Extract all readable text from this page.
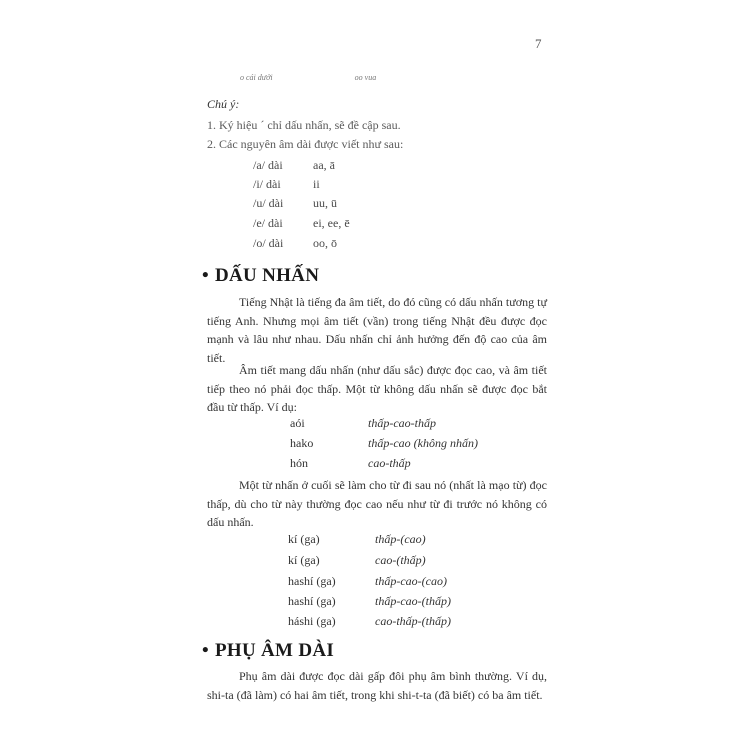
7
o cái dưới	oo vua
Chú ý:
1. Ký hiệu ´ chỉ dấu nhấn, sẽ đề cập sau.
2. Các nguyên âm dài được viết như sau:
/a/ dài	aa, ā
/i/ dài	ii
/u/ dài uu, ū
/e/ dài	ei, ee, ē
/o/ dài oo, ō
• DẤU NHẤN
Tiếng Nhật là tiếng đa âm tiết, do đó cũng có dấu nhấn tương tự tiếng Anh. Nhưng mọi âm tiết (vần) trong tiếng Nhật đều được đọc mạnh và lâu như nhau. Dấu nhấn chỉ ảnh hưởng đến độ cao của âm tiết.
Âm tiết mang dấu nhấn (như dấu sắc) được đọc cao, và âm tiết tiếp theo nó phải đọc thấp. Một từ không dấu nhấn sẽ được đọc bắt đầu từ thấp. Ví dụ:
aói	thấp-cao-thấp
hako	thấp-cao (không nhấn)
hón	cao-thấp
Một từ nhấn ở cuối sẽ làm cho từ đi sau nó (nhất là mạo từ) đọc thấp, dù cho từ này thường đọc cao nếu như từ đi trước nó không có dấu nhấn.
kí (ga)	thấp-(cao)
kí (ga)	cao-(thấp)
hashí (ga)	thấp-cao-(cao)
hashí (ga)	thấp-cao-(thấp)
háshi (ga)	cao-thấp-(thấp)
• PHỤ ÂM DÀI
Phụ âm dài được đọc dài gấp đôi phụ âm bình thường. Ví dụ, shi-ta (đã làm) có hai âm tiết, trong khi shi-t-ta (đã biết) có ba âm tiết.
